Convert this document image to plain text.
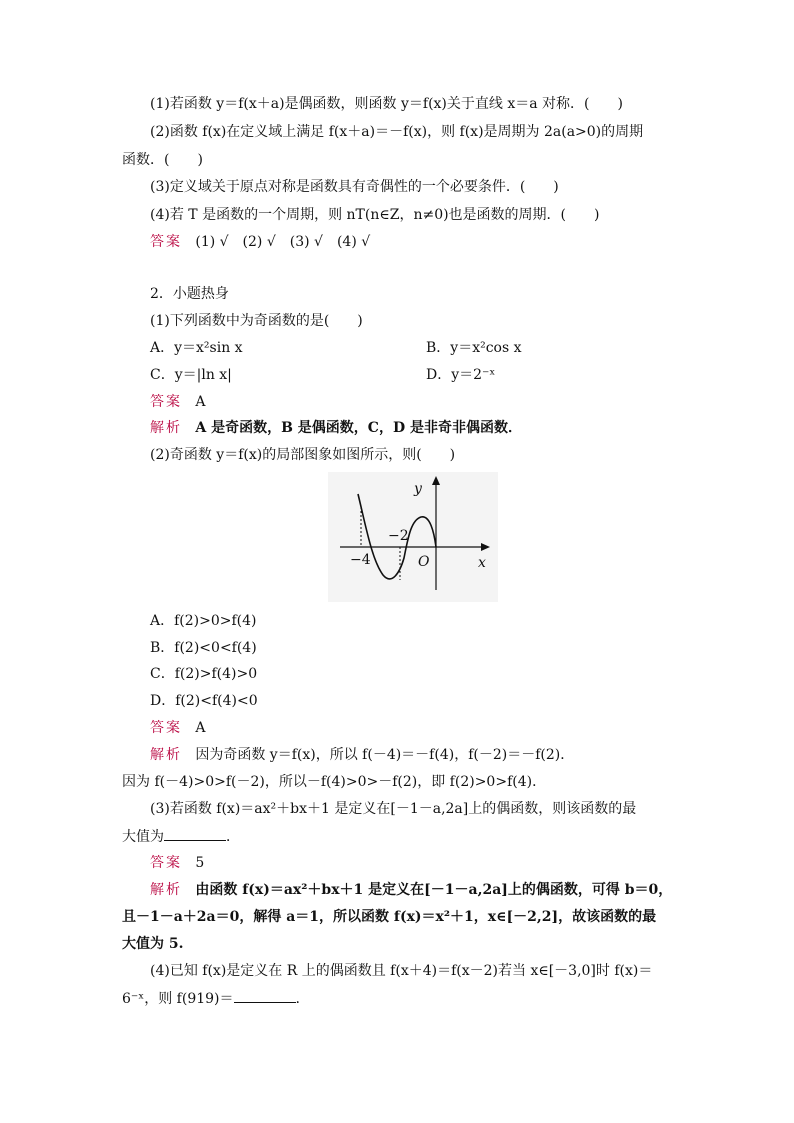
(1)若函数 y＝f(x＋a)是偶函数，则函数 y＝f(x)关于直线 x＝a 对称．(　　)
(2)函数 f(x)在定义域上满足 f(x＋a)＝－f(x)，则 f(x)是周期为 2a(a>0)的周期
函数．(　　)
(3)定义域关于原点对称是函数具有奇偶性的一个必要条件．(　　)
(4)若 T 是函数的一个周期，则 nT(n∈Z，n≠0)也是函数的周期．(　　)
答案 (1) √　(2) √　(3) √　(4) √
2．小题热身
(1)下列函数中为奇函数的是(　　)
A．y＝x²sin x	B．y＝x²cos x
C．y＝|ln x|	D．y＝2⁻ˣ
答案 A
解析 A 是奇函数，B 是偶函数，C，D 是非奇非偶函数．
(2)奇函数 y＝f(x)的局部图象如图所示，则(　　)
y
x
O
−4
−2
A．f(2)>0>f(4)
B．f(2)<0<f(4)
C．f(2)>f(4)>0
D．f(2)<f(4)<0
答案 A
解析 因为奇函数 y＝f(x)，所以 f(－4)＝－f(4)，f(－2)＝－f(2)．
因为 f(－4)>0>f(－2)，所以－f(4)>0>－f(2)，即 f(2)>0>f(4)．
(3)若函数 f(x)＝ax²＋bx＋1 是定义在[－1－a,2a]上的偶函数，则该函数的最
大值为	．
答案 5
解析 由函数 f(x)＝ax²＋bx＋1 是定义在[－1－a,2a]上的偶函数，可得 b＝0，
且－1－a＋2a＝0，解得 a＝1，所以函数 f(x)＝x²＋1，x∈[－2,2]，故该函数的最
大值为 5.
(4)已知 f(x)是定义在 R 上的偶函数且 f(x＋4)＝f(x－2)若当 x∈[－3,0]时 f(x)＝
6⁻ˣ，则 f(919)＝	.
